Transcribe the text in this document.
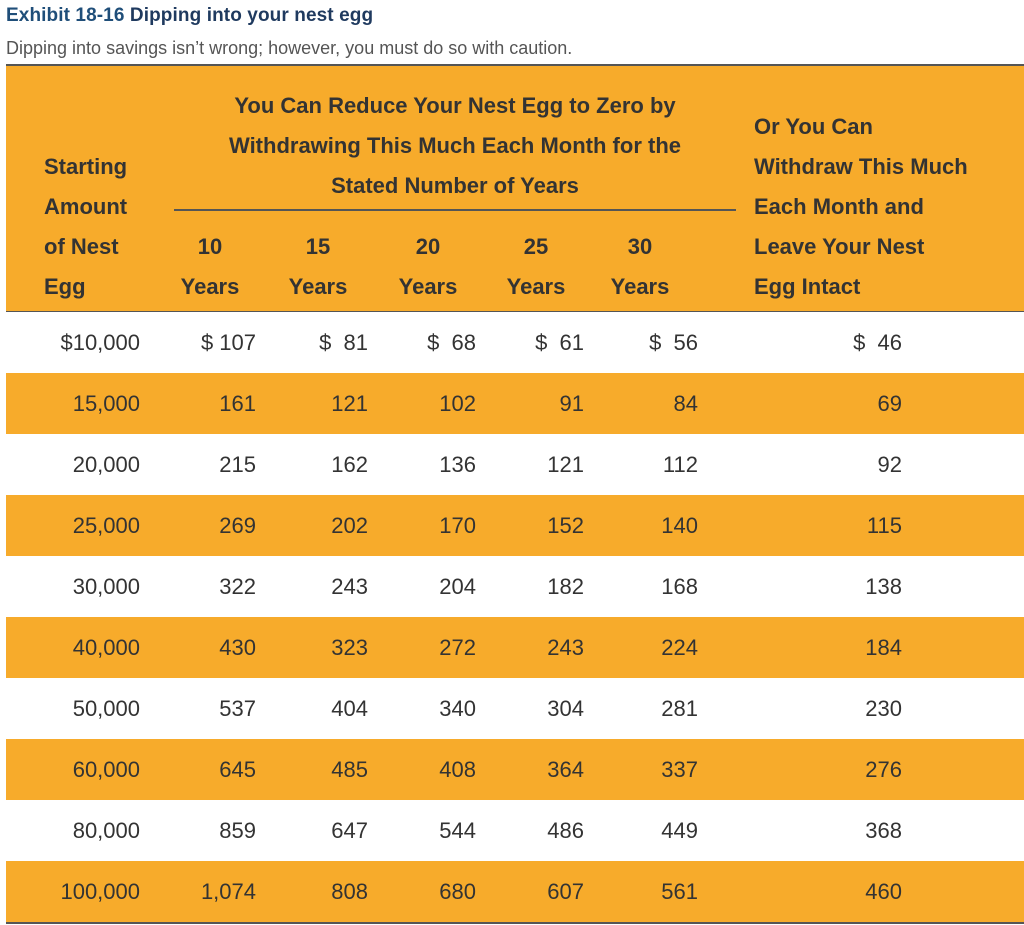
Exhibit 18-16 Dipping into your nest egg
Dipping into savings isn’t wrong; however, you must do so with caution.
Starting
Amount
of Nest
Egg
You Can Reduce Your Nest Egg to Zero by
Withdrawing This Much Each Month for the
Stated Number of Years
10
Years
15
Years
20
Years
25
Years
30
Years
Or You Can
Withdraw This Much
Each Month and
Leave Your Nest
Egg Intact
$10,000	$ 107	$  81	$  68	$  61	$  56	$  46
15,000	161	121	102	91	84	69
20,000	215	162	136	121	112	92
25,000	269	202	170	152	140	115
30,000	322	243	204	182	168	138
40,000	430	323	272	243	224	184
50,000	537	404	340	304	281	230
60,000	645	485	408	364	337	276
80,000	859	647	544	486	449	368
100,000	1,074	808	680	607	561	460
